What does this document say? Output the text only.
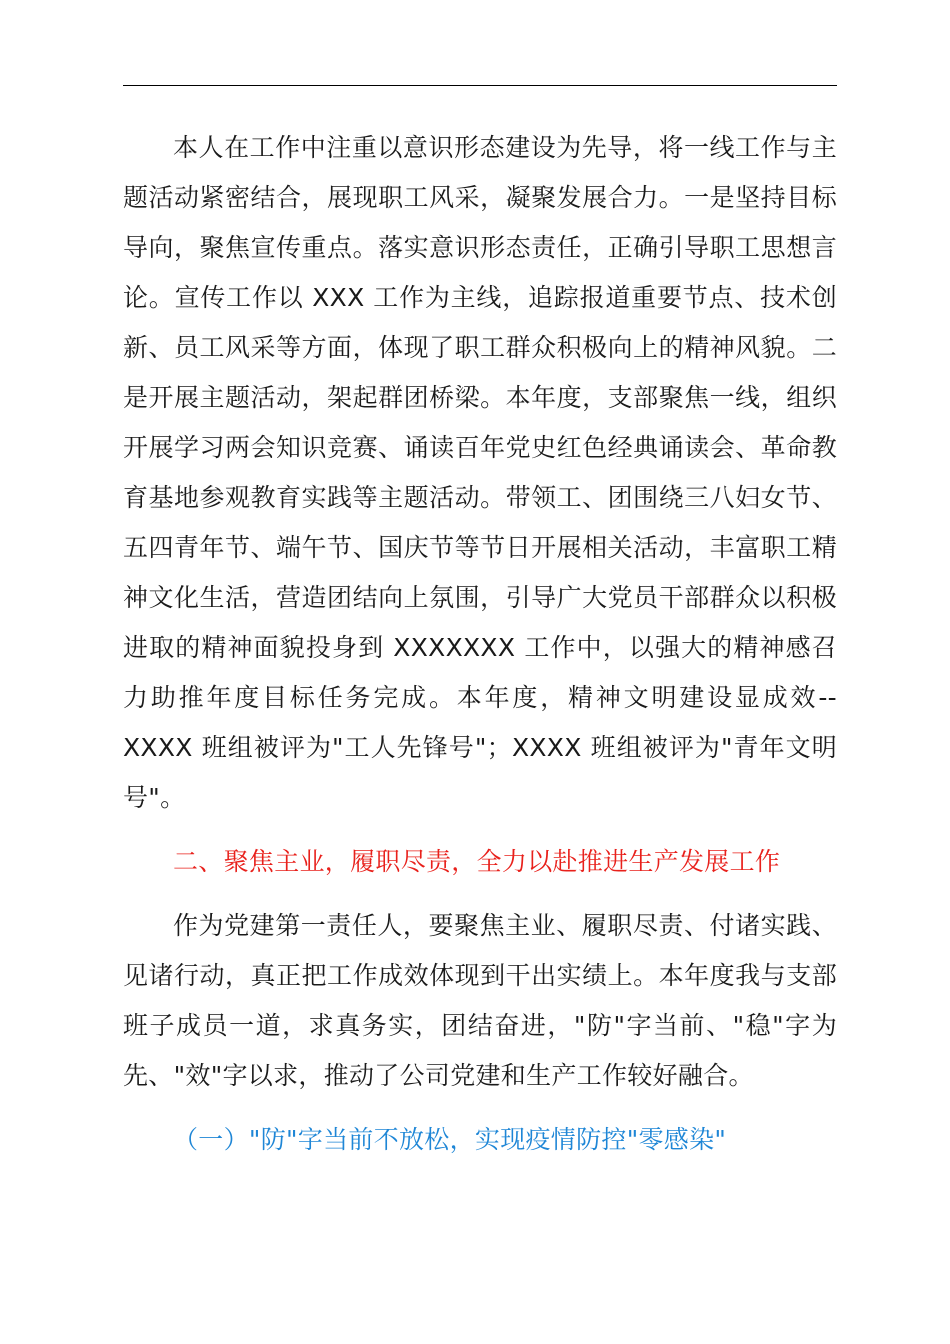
本人在工作中注重以意识形态建设为先导，将一线工作与主题活动紧密结合，展现职工风采，凝聚发展合力。一是坚持目标导向，聚焦宣传重点。落实意识形态责任，正确引导职工思想言论。宣传工作以 XXX 工作为主线，追踪报道重要节点、技术创新、员工风采等方面，体现了职工群众积极向上的精神风貌。二是开展主题活动，架起群团桥梁。本年度，支部聚焦一线，组织开展学习两会知识竞赛、诵读百年党史红色经典诵读会、革命教育基地参观教育实践等主题活动。带领工、团围绕三八妇女节、五四青年节、端午节、国庆节等节日开展相关活动，丰富职工精神文化生活，营造团结向上氛围，引导广大党员干部群众以积极进取的精神面貌投身到 XXXXXXX 工作中，以强大的精神感召力助推年度目标任务完成。本年度，精神文明建设显成效--XXXX 班组被评为"工人先锋号"；XXXX 班组被评为"青年文明号"。

二、聚焦主业，履职尽责，全力以赴推进生产发展工作

作为党建第一责任人，要聚焦主业、履职尽责、付诸实践、见诸行动，真正把工作成效体现到干出实绩上。本年度我与支部班子成员一道，求真务实，团结奋进，"防"字当前、"稳"字为先、"效"字以求，推动了公司党建和生产工作较好融合。

（一）"防"字当前不放松，实现疫情防控"零感染"
